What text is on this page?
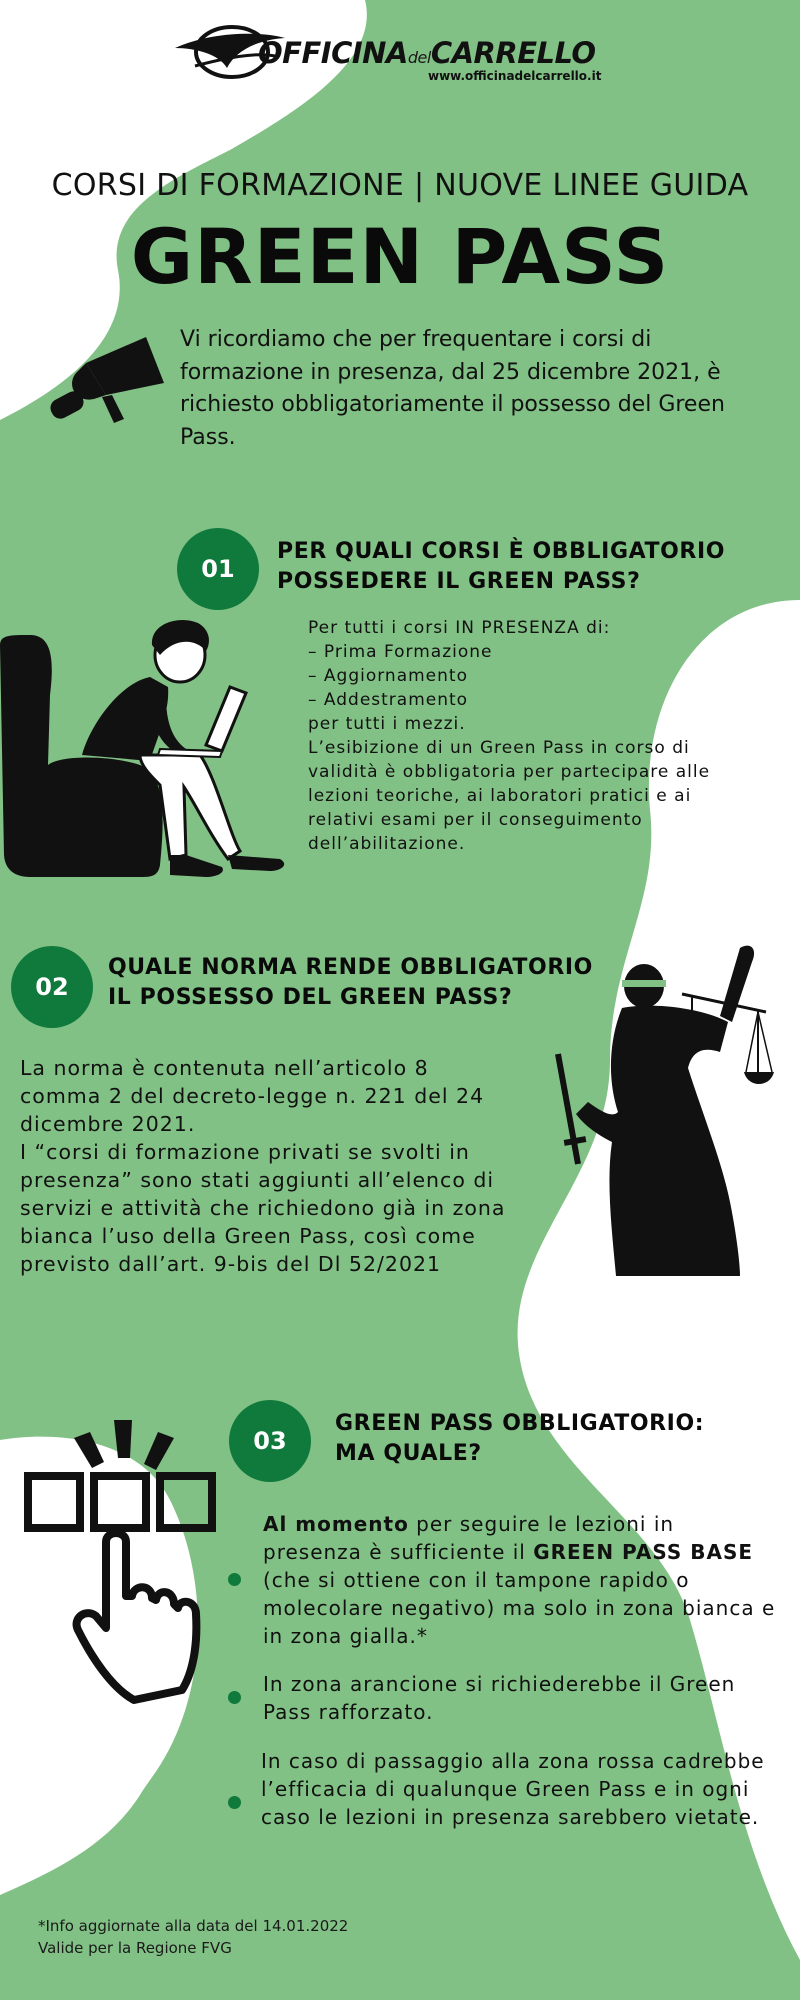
OFFICINAdelCARRELLO
www.officinadelcarrello.it
CORSI DI FORMAZIONE | NUOVE LINEE GUIDA
GREEN PASS
Vi ricordiamo che per frequentare i corsi di formazione in presenza, dal 25 dicembre 2021, è richiesto obbligatoriamente il possesso del Green Pass.
01
PER QUALI CORSI È OBBLIGATORIO
POSSEDERE IL GREEN PASS?
Per tutti i corsi IN PRESENZA di:
– Prima Formazione
– Aggiornamento
– Addestramento
per tutti i mezzi.
L’esibizione di un Green Pass in corso di
validità è obbligatoria per partecipare alle
lezioni teoriche, ai laboratori pratici e ai
relativi esami per il conseguimento
dell’abilitazione.
02
QUALE NORMA RENDE OBBLIGATORIO
IL POSSESSO DEL GREEN PASS?
La norma è contenuta nell’articolo 8
comma 2 del decreto-legge n. 221 del 24
dicembre 2021.
I “corsi di formazione privati se svolti in
presenza” sono stati aggiunti all’elenco di
servizi e attività che richiedono già in zona
bianca l’uso della Green Pass, così come
previsto dall’art. 9-bis del Dl 52/2021
03
GREEN PASS OBBLIGATORIO:
MA QUALE?
Al momento per seguire le lezioni in presenza è sufficiente il GREEN PASS BASE (che si ottiene con il tampone rapido o molecolare negativo) ma solo in zona bianca e in zona gialla.*
In zona arancione si richiederebbe il Green Pass rafforzato.
In caso di passaggio alla zona rossa cadrebbe l’efficacia di qualunque Green Pass e in ogni caso le lezioni in presenza sarebbero vietate.
*Info aggiornate alla data del 14.01.2022
Valide per la Regione FVG
